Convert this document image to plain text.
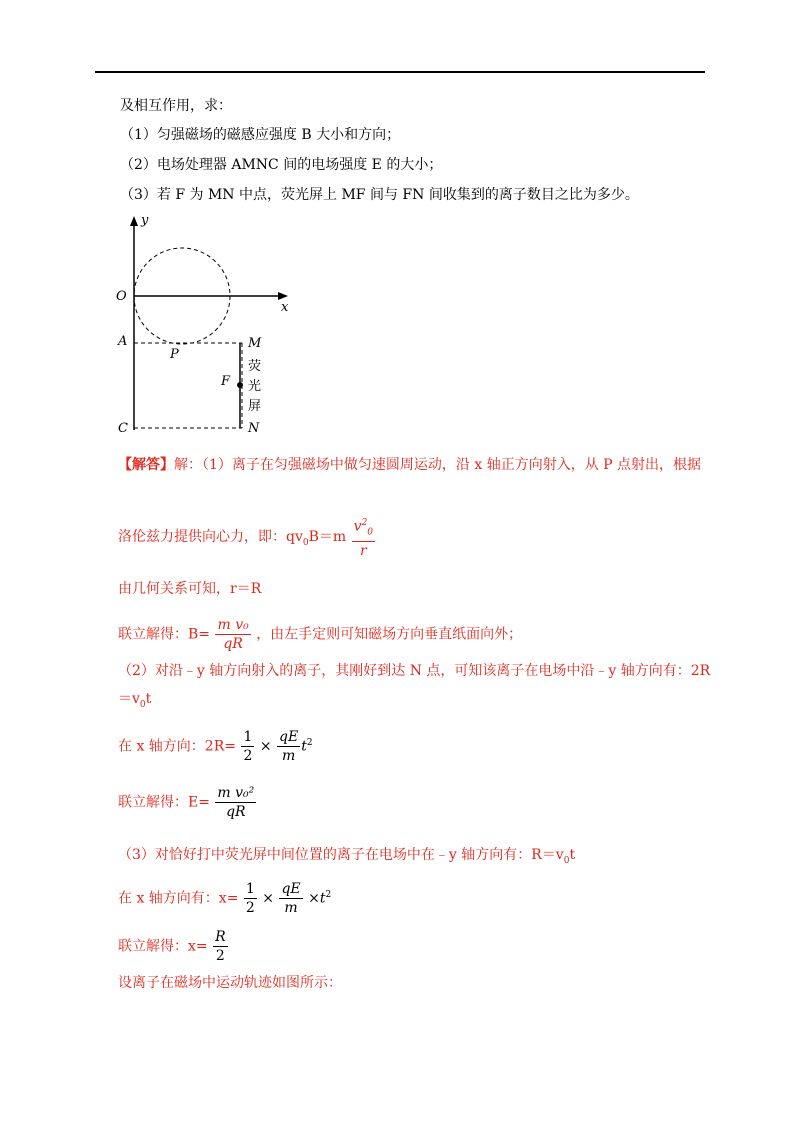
及相互作用，求：
（1）匀强磁场的磁感应强度 B 大小和方向；
（2）电场处理器 AMNC 间的电场强度 E 的大小；
（3）若 F 为 MN 中点，荧光屏上 MF 间与 FN 间收集到的离子数目之比为多少。
y
x
O
A
P
C
M
F
N
荧
光
屏
【解答】解：（1）离子在匀强磁场中做匀速圆周运动，沿 x 轴正方向射入，从 P 点射出，根据
洛伦兹力提供向心力，即：$qv_0B=m \frac{v^2_0}{r}$
由几何关系可知，r＝R
联立解得：$B= \frac{\text{m v₀}}{qR}$ ，由左手定则可知磁场方向垂直纸面向外；
（2）对沿﹣y 轴方向射入的离子，其刚好到达 N 点，可知该离子在电场中沿﹣y 轴方向有：2R
$=v_0t$
在 x 轴方向：$2R= \frac{1}{2} \times \frac{qE}{m} t^2$
联立解得：$E= \frac{\text{m v₀²}}{qR}$
（3）对恰好打中荧光屏中间位置的离子在电场中在﹣y 轴方向有：$R=v_0t$
在 x 轴方向有：$x= \frac{1}{2} \times \frac{qE}{m} \times t^2$
联立解得：$x= \frac{R}{2}$
设离子在磁场中运动轨迹如图所示：
